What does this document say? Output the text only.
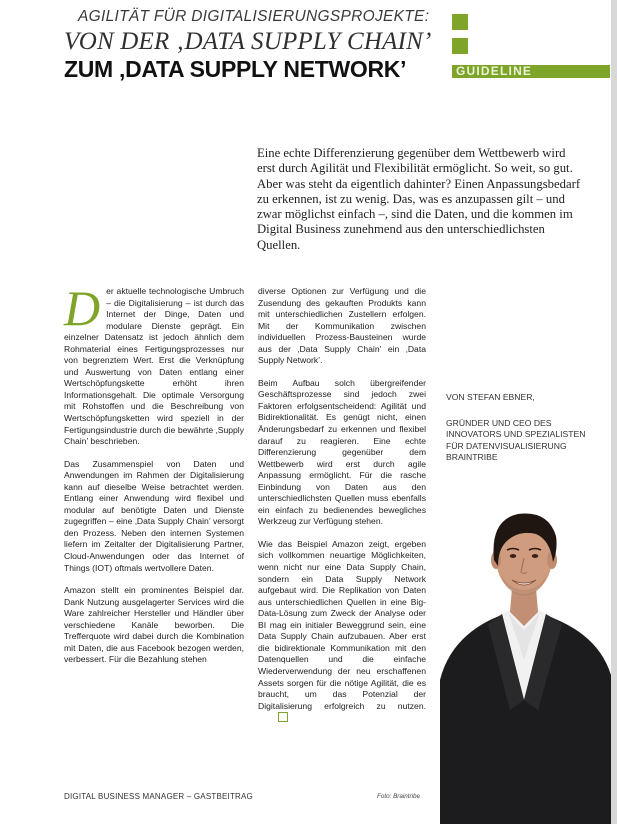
AGILITÄT FÜR DIGITALISIERUNGSPROJEKTE:
VON DER ‚DATA SUPPLY CHAIN’
ZUM ‚DATA SUPPLY NETWORK’	GUIDELINE

Eine echte Differenzierung gegenüber dem Wettbewerb wird erst durch Agilität und Flexibilität ermöglicht. So weit, so gut. Aber was steht da eigentlich dahinter? Einen Anpassungsbedarf zu erkennen, ist zu wenig. Das, was es anzupassen gilt – und zwar möglichst einfach –, sind die Daten, und die kommen im Digital Business zunehmend aus den unterschiedlichsten Quellen.

Der aktuelle technologische Umbruch – die Digitalisierung – ist durch das Internet der Dinge, Daten und modulare Dienste geprägt. Ein einzelner Datensatz ist jedoch ähnlich dem Rohmaterial eines Fertigungsprozesses nur von begrenztem Wert. Erst die Verknüpfung und Auswertung von Daten entlang einer Wertschöpfungskette erhöht ihren Informationsgehalt. Die optimale Versorgung mit Rohstoffen und die Beschreibung von Wertschöpfungsketten wird speziell in der Fertigungsindustrie durch die bewährte ‚Supply Chain’ beschrieben.

Das Zusammenspiel von Daten und Anwendungen im Rahmen der Digitalisierung kann auf dieselbe Weise betrachtet werden. Entlang einer Anwendung wird flexibel und modular auf benötigte Daten und Dienste zugegriffen – eine ‚Data Supply Chain’ versorgt den Prozess. Neben den internen Systemen liefern im Zeitalter der Digitalisierung Partner, Cloud-Anwendungen oder das Internet of Things (IOT) oftmals wertvollere Daten.

Amazon stellt ein prominentes Beispiel dar. Dank Nutzung ausgelagerter Services wird die Ware zahlreicher Hersteller und Händler über verschiedene Kanäle beworben. Die Trefferquote wird dabei durch die Kombination mit Daten, die aus Facebook bezogen werden, verbessert. Für die Bezahlung stehen

diverse Optionen zur Verfügung und die Zusendung des gekauften Produkts kann mit unterschiedlichen Zustellern erfolgen. Mit der Kommunikation zwischen individuellen Prozess-Bausteinen wurde aus der ‚Data Supply Chain’ ein ‚Data Supply Network’.

Beim Aufbau solch übergreifender Geschäftsprozesse sind jedoch zwei Faktoren erfolgsentscheidend: Agilität und Bidirektionalität. Es genügt nicht, einen Änderungsbedarf zu erkennen und flexibel darauf zu reagieren. Eine echte Differenzierung gegenüber dem Wettbewerb wird erst durch agile Anpassung ermöglicht. Für die rasche Einbindung von Daten aus den unterschiedlichsten Quellen muss ebenfalls ein einfach zu bedienendes bewegliches Werkzeug zur Verfügung stehen.

Wie das Beispiel Amazon zeigt, ergeben sich vollkommen neuartige Möglichkeiten, wenn nicht nur eine Data Supply Chain, sondern ein Data Supply Network aufgebaut wird. Die Replikation von Daten aus unterschiedlichen Quellen in eine Big-Data-Lösung zum Zweck der Analyse oder BI mag ein initialer Beweggrund sein, eine Data Supply Chain aufzubauen. Aber erst die bidirektionale Kommunikation mit den Datenquellen und die einfache Wiederverwendung der neu erschaffenen Assets sorgen für die nötige Agilität, die es braucht, um das Potenzial der Digitalisierung erfolgreich zu nutzen.

VON STEFAN EBNER,

GRÜNDER UND CEO DES INNOVATORS UND SPEZIALISTEN FÜR DATENVISUALISIERUNG BRAINTRIBE

DIGITAL BUSINESS MANAGER – GASTBEITRAG	Foto: Braintribe
